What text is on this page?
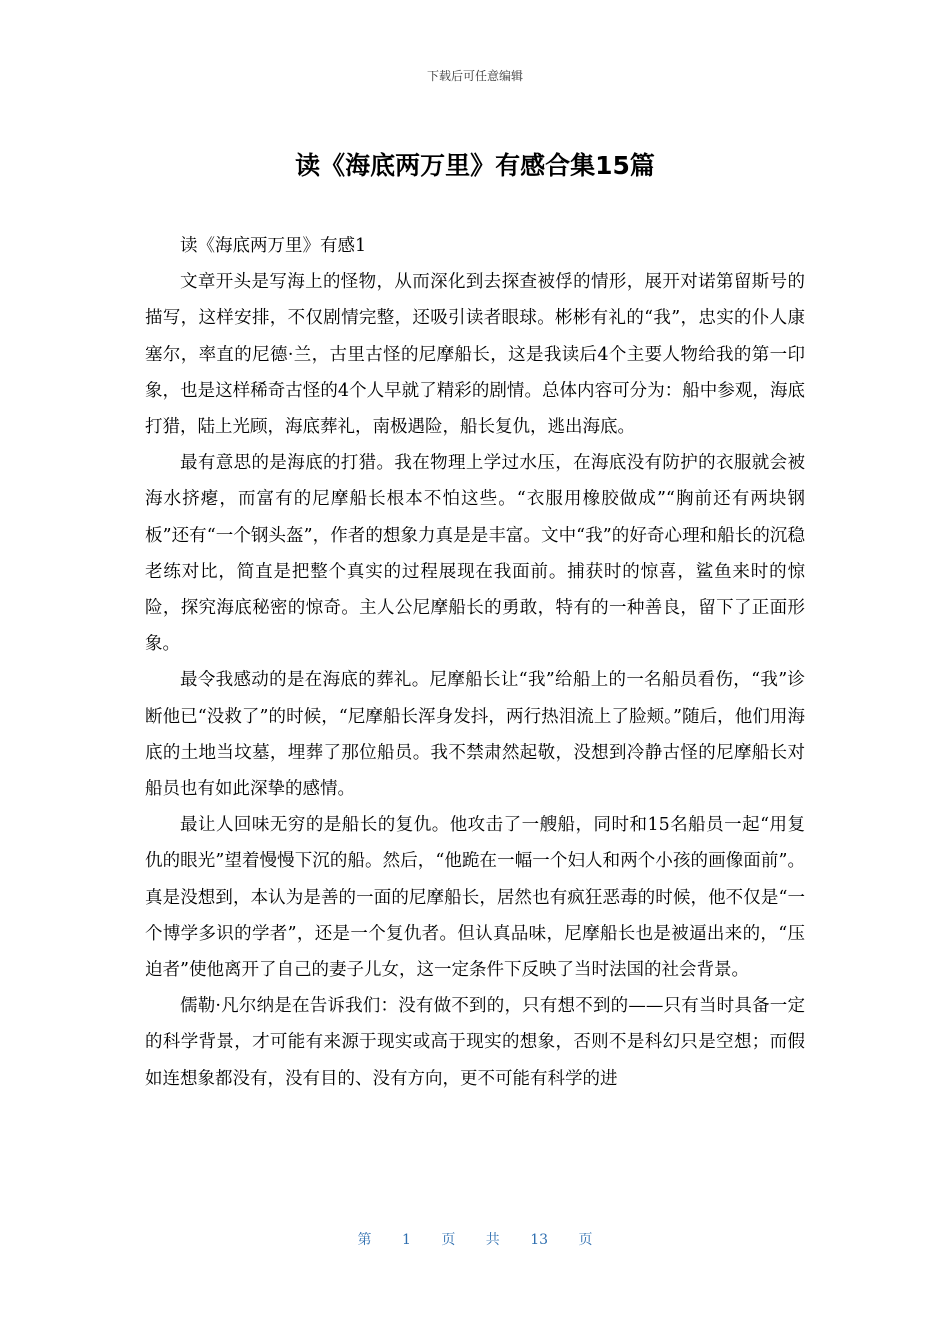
下载后可任意编辑
读《海底两万里》有感合集15篇

读《海底两万里》有感1

文章开头是写海上的怪物，从而深化到去探查被俘的情形，展开对诺第留斯号的描写，这样安排，不仅剧情完整，还吸引读者眼球。彬彬有礼的“我”，忠实的仆人康塞尔，率直的尼德·兰，古里古怪的尼摩船长，这是我读后4个主要人物给我的第一印象，也是这样稀奇古怪的4个人早就了精彩的剧情。总体内容可分为：船中参观，海底打猎，陆上光顾，海底葬礼，南极遇险，船长复仇，逃出海底。

最有意思的是海底的打猎。我在物理上学过水压，在海底没有防护的衣服就会被海水挤瘪，而富有的尼摩船长根本不怕这些。“衣服用橡胶做成”“胸前还有两块钢板”还有“一个钢头盔”，作者的想象力真是是丰富。文中“我”的好奇心理和船长的沉稳老练对比，简直是把整个真实的过程展现在我面前。捕获时的惊喜，鲨鱼来时的惊险，探究海底秘密的惊奇。主人公尼摩船长的勇敢，特有的一种善良，留下了正面形象。

最令我感动的是在海底的葬礼。尼摩船长让“我”给船上的一名船员看伤，“我”诊断他已“没救了”的时候，“尼摩船长浑身发抖，两行热泪流上了脸颊。”随后，他们用海底的土地当坟墓，埋葬了那位船员。我不禁肃然起敬，没想到冷静古怪的尼摩船长对船员也有如此深挚的感情。

最让人回味无穷的是船长的复仇。他攻击了一艘船，同时和15名船员一起“用复仇的眼光”望着慢慢下沉的船。然后，“他跪在一幅一个妇人和两个小孩的画像面前”。真是没想到，本认为是善的一面的尼摩船长，居然也有疯狂恶毒的时候，他不仅是“一个博学多识的学者”，还是一个复仇者。但认真品味，尼摩船长也是被逼出来的，“压迫者”使他离开了自己的妻子儿女，这一定条件下反映了当时法国的社会背景。

儒勒·凡尔纳是在告诉我们：没有做不到的，只有想不到的——只有当时具备一定的科学背景，才可能有来源于现实或高于现实的想象，否则不是科幻只是空想；而假如连想象都没有，没有目的、没有方向，更不可能有科学的进

第 1 页 共 13 页
